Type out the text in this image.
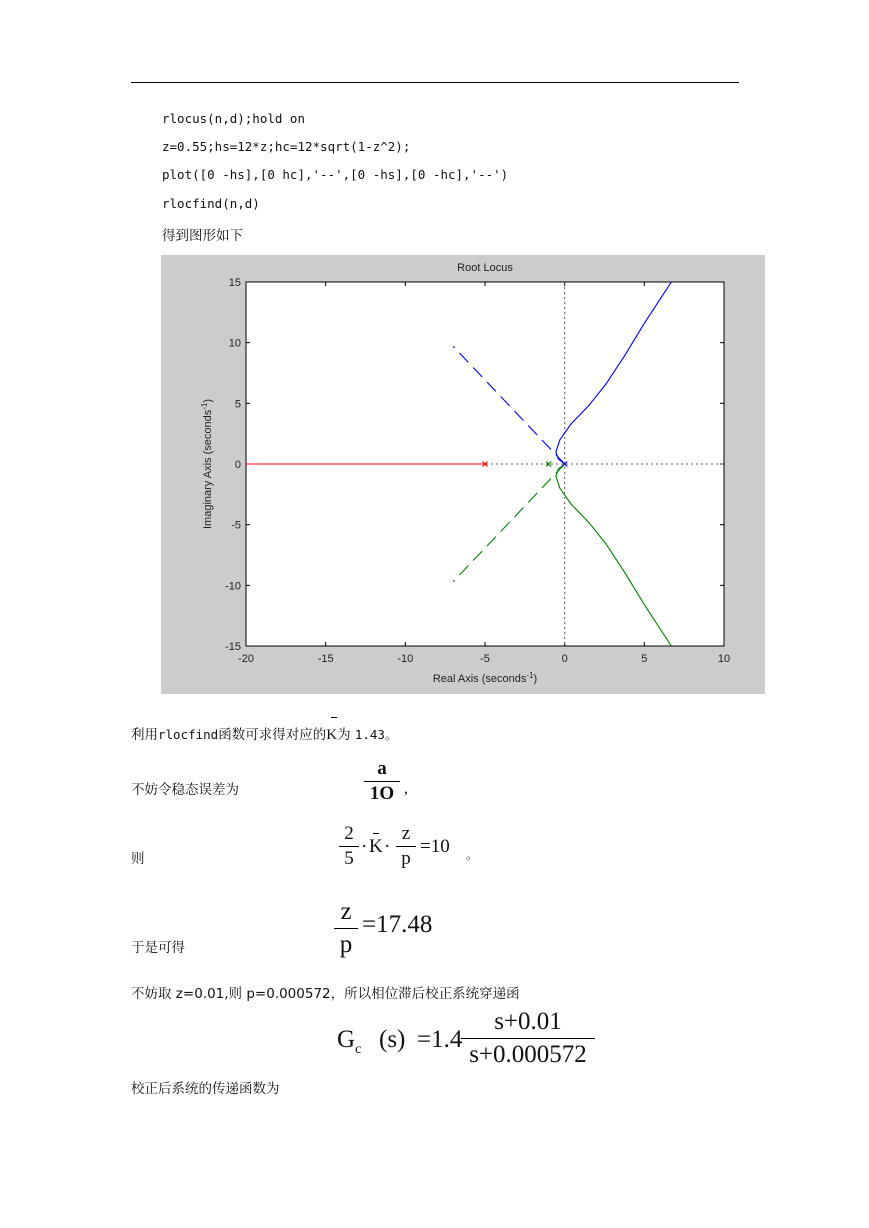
rlocus(n,d);hold on
z=0.55;hs=12*z;hc=12*sqrt(1-z^2);
plot([0 -hs],[0 hc],'--',[0 -hs],[0 -hc],'--')
rlocfind(n,d)
得到图形如下
Root Locus
-20	-15	-10	-5	0	5	10
-15
-10
-5
0
5
10
15
Real Axis (seconds$^{-1}$)
Imaginary Axis (seconds$^{-1}$)
利用rlocfind函数可求得对应的K为 1.43。
不妨令稳态误差为
a
1O ,
则
2
5
· K ·
z
p
=10 。
于是可得
z
p
=17.48
不妨取 z=0.01,则 p=0.000572，所以相位滞后校正系统穿递函
$G_c$ (s) =1.4
s+0.01
s+0.000572
校正后系统的传递函数为
